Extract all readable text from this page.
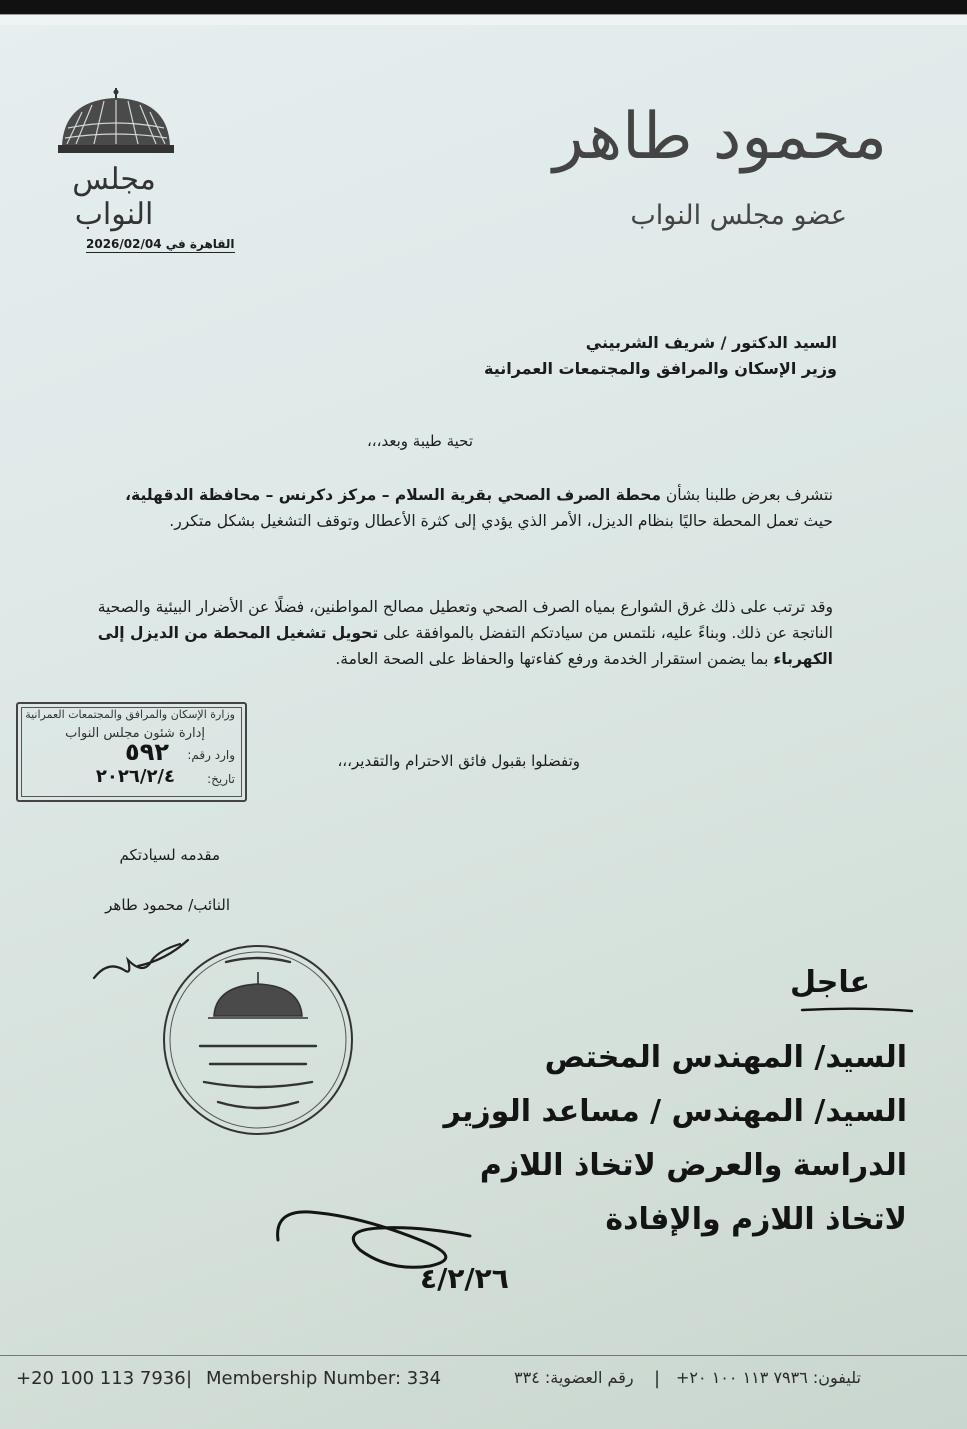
محمود طاهر
عضو مجلس النواب
مجلس النواب
القاهرة في 2026/02/04
السيد الدكتور / شريف الشربيني
وزير الإسكان والمرافق والمجتمعات العمرانية
تحية طيبة وبعد،،،
نتشرف بعرض طلبنا بشأن محطة الصرف الصحي بقرية السلام – مركز دكرنس – محافظة الدقهلية، حيث تعمل المحطة حاليًا بنظام الديزل، الأمر الذي يؤدي إلى كثرة الأعطال وتوقف التشغيل بشكل متكرر.
وقد ترتب على ذلك غرق الشوارع بمياه الصرف الصحي وتعطيل مصالح المواطنين، فضلًا عن الأضرار البيئية والصحية الناتجة عن ذلك. وبناءً عليه، نلتمس من سيادتكم التفضل بالموافقة على تحويل تشغيل المحطة من الديزل إلى الكهرباء بما يضمن استقرار الخدمة ورفع كفاءتها والحفاظ على الصحة العامة.
وتفضلوا بقبول فائق الاحترام والتقدير،،،
وزارة الإسكان والمرافق والمجتمعات العمرانية
إدارة شئون مجلس النواب
وارد رقم:
٥٩٢
تاريخ:
٢٠٢٦/٢/٤
مقدمه لسيادتكم
النائب/ محمود طاهر
عاجل
السيد/ المهندس المختص
السيد/ المهندس / مساعد الوزير
الدراسة والعرض لاتخاذ اللازم
لاتخاذ اللازم والإفادة
٤/٢/٢٦
+20 100 113 7936 | Membership Number: 334	رقم العضوية: ٣٣٤ | تليفون: ٧٩٣٦ ١١٣ ١٠٠ ٢٠+
